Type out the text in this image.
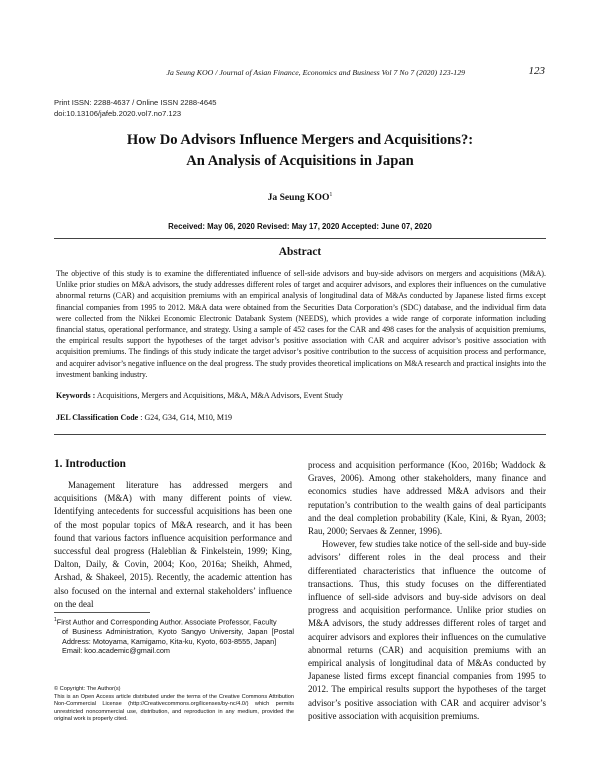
Ja Seung KOO / Journal of Asian Finance, Economics and Business Vol 7 No 7 (2020) 123-129	123
Print ISSN: 2288-4637 / Online ISSN 2288-4645
doi:10.13106/jafeb.2020.vol7.no7.123
How Do Advisors Influence Mergers and Acquisitions?:
An Analysis of Acquisitions in Japan
Ja Seung KOO$^1$
Received: May 06, 2020 Revised: May 17, 2020 Accepted: June 07, 2020
Abstract
The objective of this study is to examine the differentiated influence of sell-side advisors and buy-side advisors on mergers and acquisitions (M&A). Unlike prior studies on M&A advisors, the study addresses different roles of target and acquirer advisors, and explores their influences on the cumulative abnormal returns (CAR) and acquisition premiums with an empirical analysis of longitudinal data of M&As conducted by Japanese listed firms except financial companies from 1995 to 2012. M&A data were obtained from the Securities Data Corporation’s (SDC) database, and the individual firm data were collected from the Nikkei Economic Electronic Databank System (NEEDS), which provides a wide range of corporate information including financial status, operational performance, and strategy. Using a sample of 452 cases for the CAR and 498 cases for the analysis of acquisition premiums, the empirical results support the hypotheses of the target advisor’s positive association with CAR and acquirer advisor’s positive association with acquisition premiums. The findings of this study indicate the target advisor’s positive contribution to the success of acquisition process and performance, and acquirer advisor’s negative influence on the deal progress. The study provides theoretical implications on M&A research and practical insights into the investment banking industry.
Keywords : Acquisitions, Mergers and Acquisitions, M&A, M&A Advisors, Event Study
JEL Classification Code : G24, G34, G14, M10, M19
1. Introduction
Management literature has addressed mergers and acquisitions (M&A) with many different points of view. Identifying antecedents for successful acquisitions has been one of the most popular topics of M&A research, and it has been found that various factors influence acquisition performance and successful deal progress (Haleblian & Finkelstein, 1999; King, Dalton, Daily, & Covin, 2004; Koo, 2016a; Sheikh, Ahmed, Arshad, & Shakeel, 2015). Recently, the academic attention has also focused on the internal and external stakeholders’ influence on the deal

process and acquisition performance (Koo, 2016b; Waddock & Graves, 2006). Among other stakeholders, many finance and economics studies have addressed M&A advisors and their reputation’s contribution to the wealth gains of deal participants and the deal completion probability (Kale, Kini, & Ryan, 2003; Rau, 2000; Servaes & Zenner, 1996).

However, few studies take notice of the sell-side and buy-side advisors’ different roles in the deal process and their differentiated characteristics that influence the outcome of transactions. Thus, this study focuses on the differentiated influence of sell-side advisors and buy-side advisors on deal progress and acquisition performance. Unlike prior studies on M&A advisors, the study addresses different roles of target and acquirer advisors and explores their influences on the cumulative abnormal returns (CAR) and acquisition premiums with an empirical analysis of longitudinal data of M&As conducted by Japanese listed firms except financial companies from 1995 to 2012. The empirical results support the hypotheses of the target advisor’s positive association with CAR and acquirer advisor’s positive association with acquisition premiums.

$^1$First Author and Corresponding Author. Associate Professor, Faculty
of Business Administration, Kyoto Sangyo University, Japan [Postal Address: Motoyama, Kamigamo, Kita-ku, Kyoto, 603-8555, Japan]
Email: koo.academic@gmail.com
© Copyright: The Author(s)
This is an Open Access article distributed under the terms of the Creative Commons Attribution Non-Commercial License (http://Creativecommons.org/licenses/by-nc/4.0/) which permits unrestricted noncommercial use, distribution, and reproduction in any medium, provided the original work is properly cited.
